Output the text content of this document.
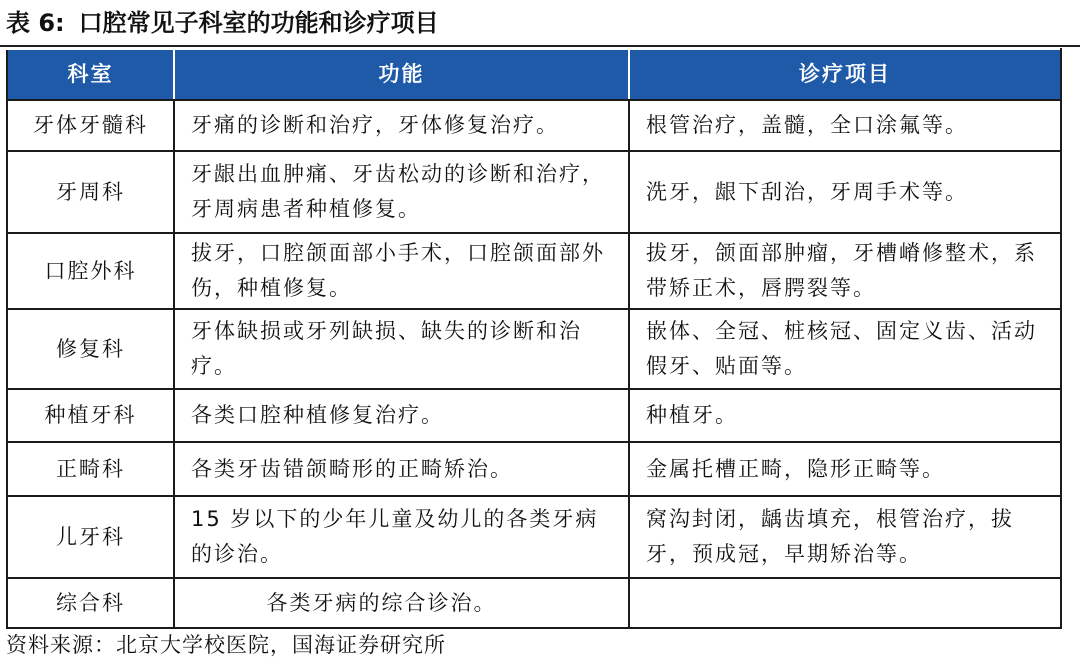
表 6: 口腔常见子科室的功能和诊疗项目
科室	功能	诊疗项目
牙体牙髓科	牙痛的诊断和治疗，牙体修复治疗。	根管治疗，盖髓，全口涂氟等。
牙周科	牙龈出血肿痛、牙齿松动的诊断和治疗，牙周病患者种植修复。	洗牙，龈下刮治，牙周手术等。
口腔外科	拔牙，口腔颌面部小手术，口腔颌面部外伤，种植修复。	拔牙，颌面部肿瘤，牙槽嵴修整术，系带矫正术，唇腭裂等。
修复科	牙体缺损或牙列缺损、缺失的诊断和治疗。	嵌体、全冠、桩核冠、固定义齿、活动假牙、贴面等。
种植牙科	各类口腔种植修复治疗。	种植牙。
正畸科	各类牙齿错颌畸形的正畸矫治。	金属托槽正畸，隐形正畸等。
儿牙科	15 岁以下的少年儿童及幼儿的各类牙病的诊治。	窝沟封闭，龋齿填充，根管治疗，拔牙，预成冠，早期矫治等。
综合科	各类牙病的综合诊治。	
资料来源：北京大学校医院，国海证券研究所
